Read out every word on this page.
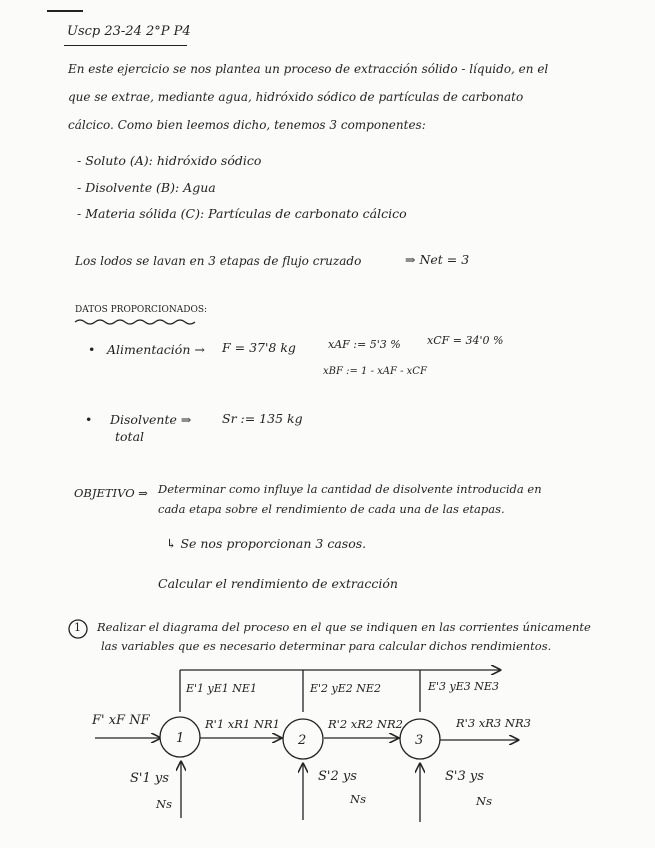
Uscp 23-24 2°P P4
En este ejercicio se nos plantea un proceso de extracción sólido - líquido, en el
que se extrae, mediante agua, hidróxido sódico de partículas de carbonato
cálcico. Como bien leemos dicho, tenemos 3 componentes:
- Soluto (A): hidróxido sódico
- Disolvente (B): Agua
- Materia sólida (C): Partículas de carbonato cálcico
Los lodos se lavan en 3 etapas de flujo cruzado	⇒ Net = 3
DATOS PROPORCIONADOS:
• Alimentación → F = 37'8 kg	xAF := 5'3 % xCF = 34'0 %
xBF := 1 - xAF - xCF
• Disolvente ⇒
total
Sr := 135 kg
OBJETIVO ⇒ Determinar como influye la cantidad de disolvente introducida en
cada etapa sobre el rendimiento de cada una de las etapas.
↳ Se nos proporcionan 3 casos.
Calcular el rendimiento de extracción
1 Realizar el diagrama del proceso en el que se indiquen en las corrientes únicamente
las variables que es necesario determinar para calcular dichos rendimientos.
1	2	3
F' xF NF
E'1 yE1 NE1	E'2 yE2 NE2	E'3 yE3 NE3
R'1 xR1 NR1	R'2 xR2 NR2	R'3 xR3 NR3
S'1 ys	S'2 ys	S'3 ys
Ns	Ns	Ns
